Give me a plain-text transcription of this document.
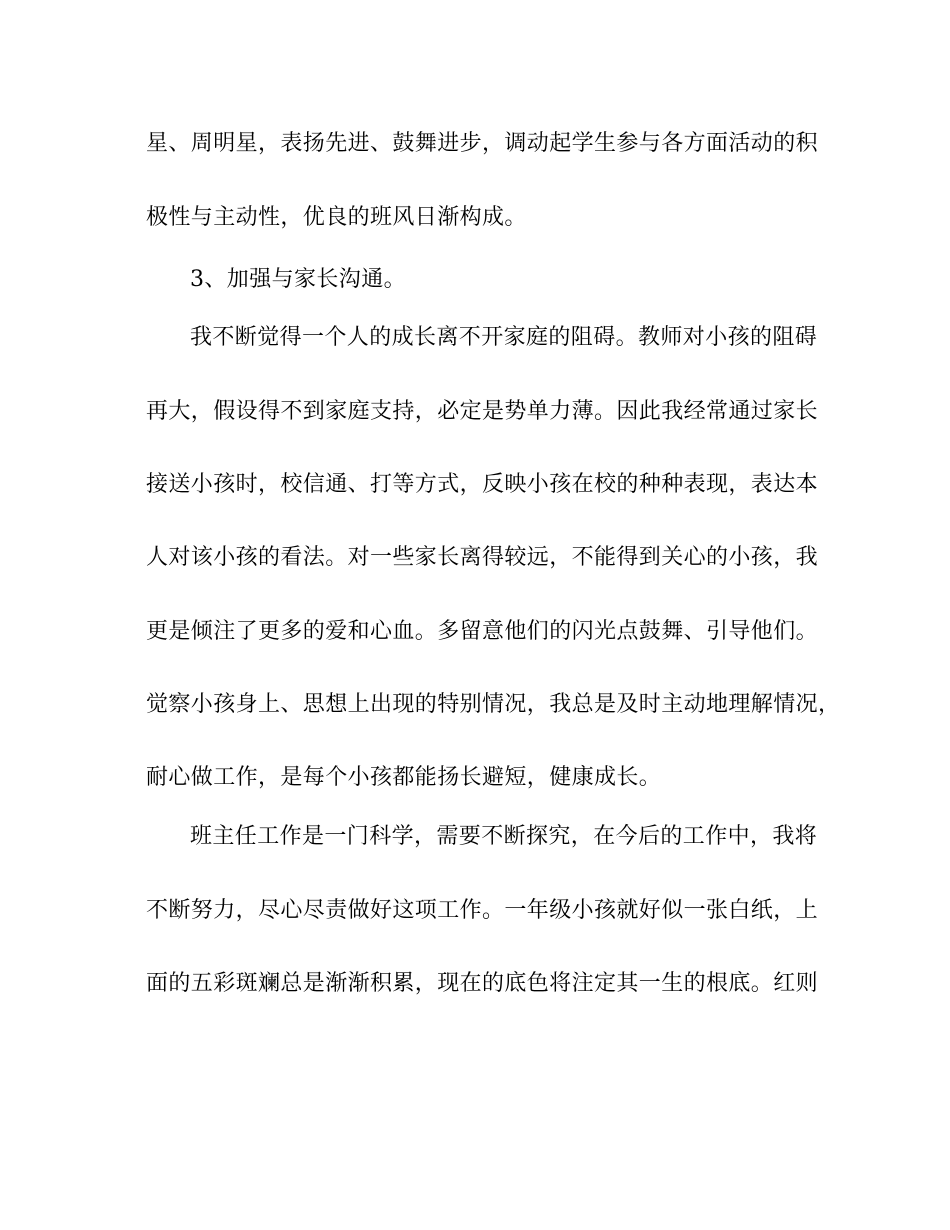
星、周明星，表扬先进、鼓舞进步，调动起学生参与各方面活动的积
极性与主动性，优良的班风日渐构成。
3、加强与家长沟通。
我不断觉得一个人的成长离不开家庭的阻碍。教师对小孩的阻碍
再大，假设得不到家庭支持，必定是势单力薄。因此我经常通过家长
接送小孩时，校信通、打等方式，反映小孩在校的种种表现，表达本
人对该小孩的看法。对一些家长离得较远，不能得到关心的小孩，我
更是倾注了更多的爱和心血。多留意他们的闪光点鼓舞、引导他们。
觉察小孩身上、思想上出现的特别情况，我总是及时主动地理解情况，
耐心做工作，是每个小孩都能扬长避短，健康成长。
班主任工作是一门科学，需要不断探究，在今后的工作中，我将
不断努力，尽心尽责做好这项工作。一年级小孩就好似一张白纸，上
面的五彩斑斓总是渐渐积累，现在的底色将注定其一生的根底。红则
